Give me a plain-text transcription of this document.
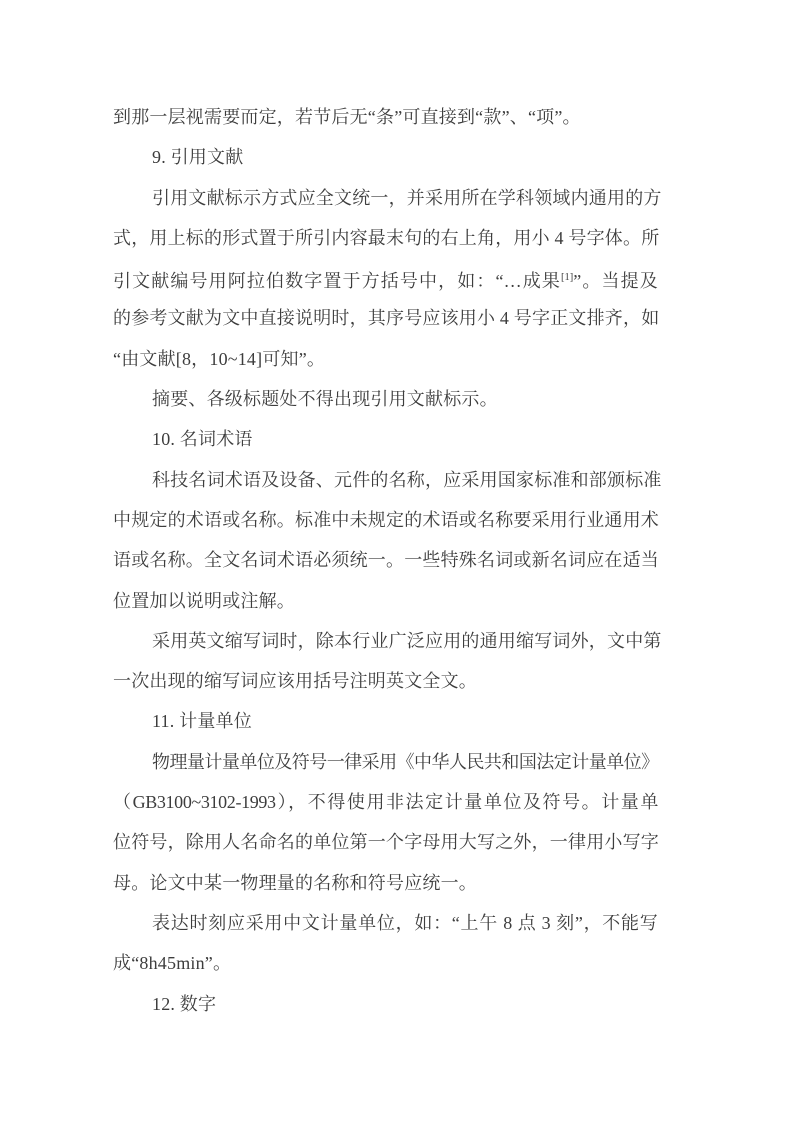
到那一层视需要而定，若节后无“条”可直接到“款”、“项”。
9. 引用文献
引用文献标示方式应全文统一，并采用所在学科领域内通用的方
式，用上标的形式置于所引内容最末句的右上角，用小 4 号字体。所
引文献编号用阿拉伯数字置于方括号中，如：“…成果[1]”。当提及
的参考文献为文中直接说明时，其序号应该用小 4 号字正文排齐，如
“由文献[8，10~14]可知”。
摘要、各级标题处不得出现引用文献标示。
10. 名词术语
科技名词术语及设备、元件的名称，应采用国家标准和部颁标准
中规定的术语或名称。标准中未规定的术语或名称要采用行业通用术
语或名称。全文名词术语必须统一。一些特殊名词或新名词应在适当
位置加以说明或注解。
采用英文缩写词时，除本行业广泛应用的通用缩写词外，文中第
一次出现的缩写词应该用括号注明英文全文。
11. 计量单位
物理量计量单位及符号一律采用《中华人民共和国法定计量单位》
（GB3100~3102-1993），不得使用非法定计量单位及符号。计量单
位符号，除用人名命名的单位第一个字母用大写之外，一律用小写字
母。论文中某一物理量的名称和符号应统一。
表达时刻应采用中文计量单位，如：“上午 8 点 3 刻”，不能写
成“8h45min”。
12. 数字
